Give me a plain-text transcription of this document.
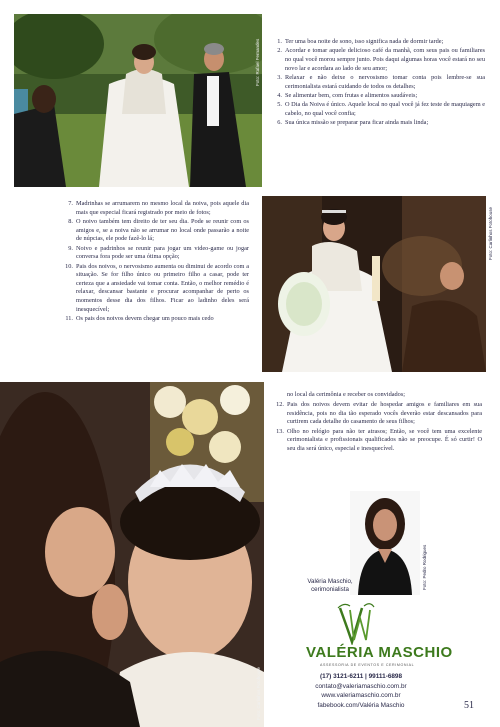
Foto: Rafael Fernandes	1. Ter uma boa noite de sono, isso significa nada de dormir tarde;
2. Acordar e tomar aquele delicioso café da manhã, com seus pais ou familiares no qual você morou sempre junto. Pois daqui algumas horas você estará no seu novo lar e acordara ao lado de seu amor;
3. Relaxar e não deixe o nervosismo tomar conta pois lembre-se sua cerimonialista estará cuidando de todos os detalhes;
4. Se alimentar bem, com frutas e alimentos saudáveis;
5. O Dia da Noiva é único. Aquele local no qual você já fez teste de maquiagem e cabelo, no qual você confia;
6. Sua única missão se preparar para ficar ainda mais linda;
Foto: Carlinhos Fotohouse
7. Madrinhas se arrumarem no mesmo local da noiva, pois aquele dia mais que especial ficará registrado por meio de fotos;
8. O noivo também tem direito de ter seu dia. Pode se reunir com os amigos e, se a noiva não se arrumar no local onde passarão a noite de núpcias, ele pode fazê-lo lá;
9. Noivo e padrinhos se reunir para jogar um video-game ou jogar conversa fora pode ser uma ótima opção;
10. Pais dos noivos, o nervosismo aumenta ou diminui de acordo com a situação. Se for filho único ou primeiro filho a casar, pode ter certeza que a ansiedade vai tomar conta. Então, o melhor remédio é relaxar, descansar bastante e procurar acompanhar de perto os momentos desse dia dos filhos. Ficar ao ladinho deles será inesquecível;
11. Os pais dos noivos devem chegar um pouco mais cedo
Foto: Carlinhos Fotohouse

no local da cerimônia e receber os convidados;

12. Pais dos noivos devem evitar de hospedar amigos e familiares em sua residência, pois no dia tão esperado vocês deverão estar descansados para curtirem cada detalhe do casamento de seus filhos;
13. Olho no relógio para não ter atrasos; Então, se você tem uma excelente cerimonialista e profissionais qualificados não se preocupe. É só curtir! O seu dia será único, especial e inesquecível.
Foto: Pedro Rodrigues
Valéria Maschio,
cerimonialista
VALÉRIA MASCHIO
ASSESSORIA DE EVENTOS E CERIMONIAL
(17) 3121-6211 | 99111-6898
contato@valeriamaschio.com.br
www.valeriamaschio.com.br
fabebook.com/Valéria Maschio	51
